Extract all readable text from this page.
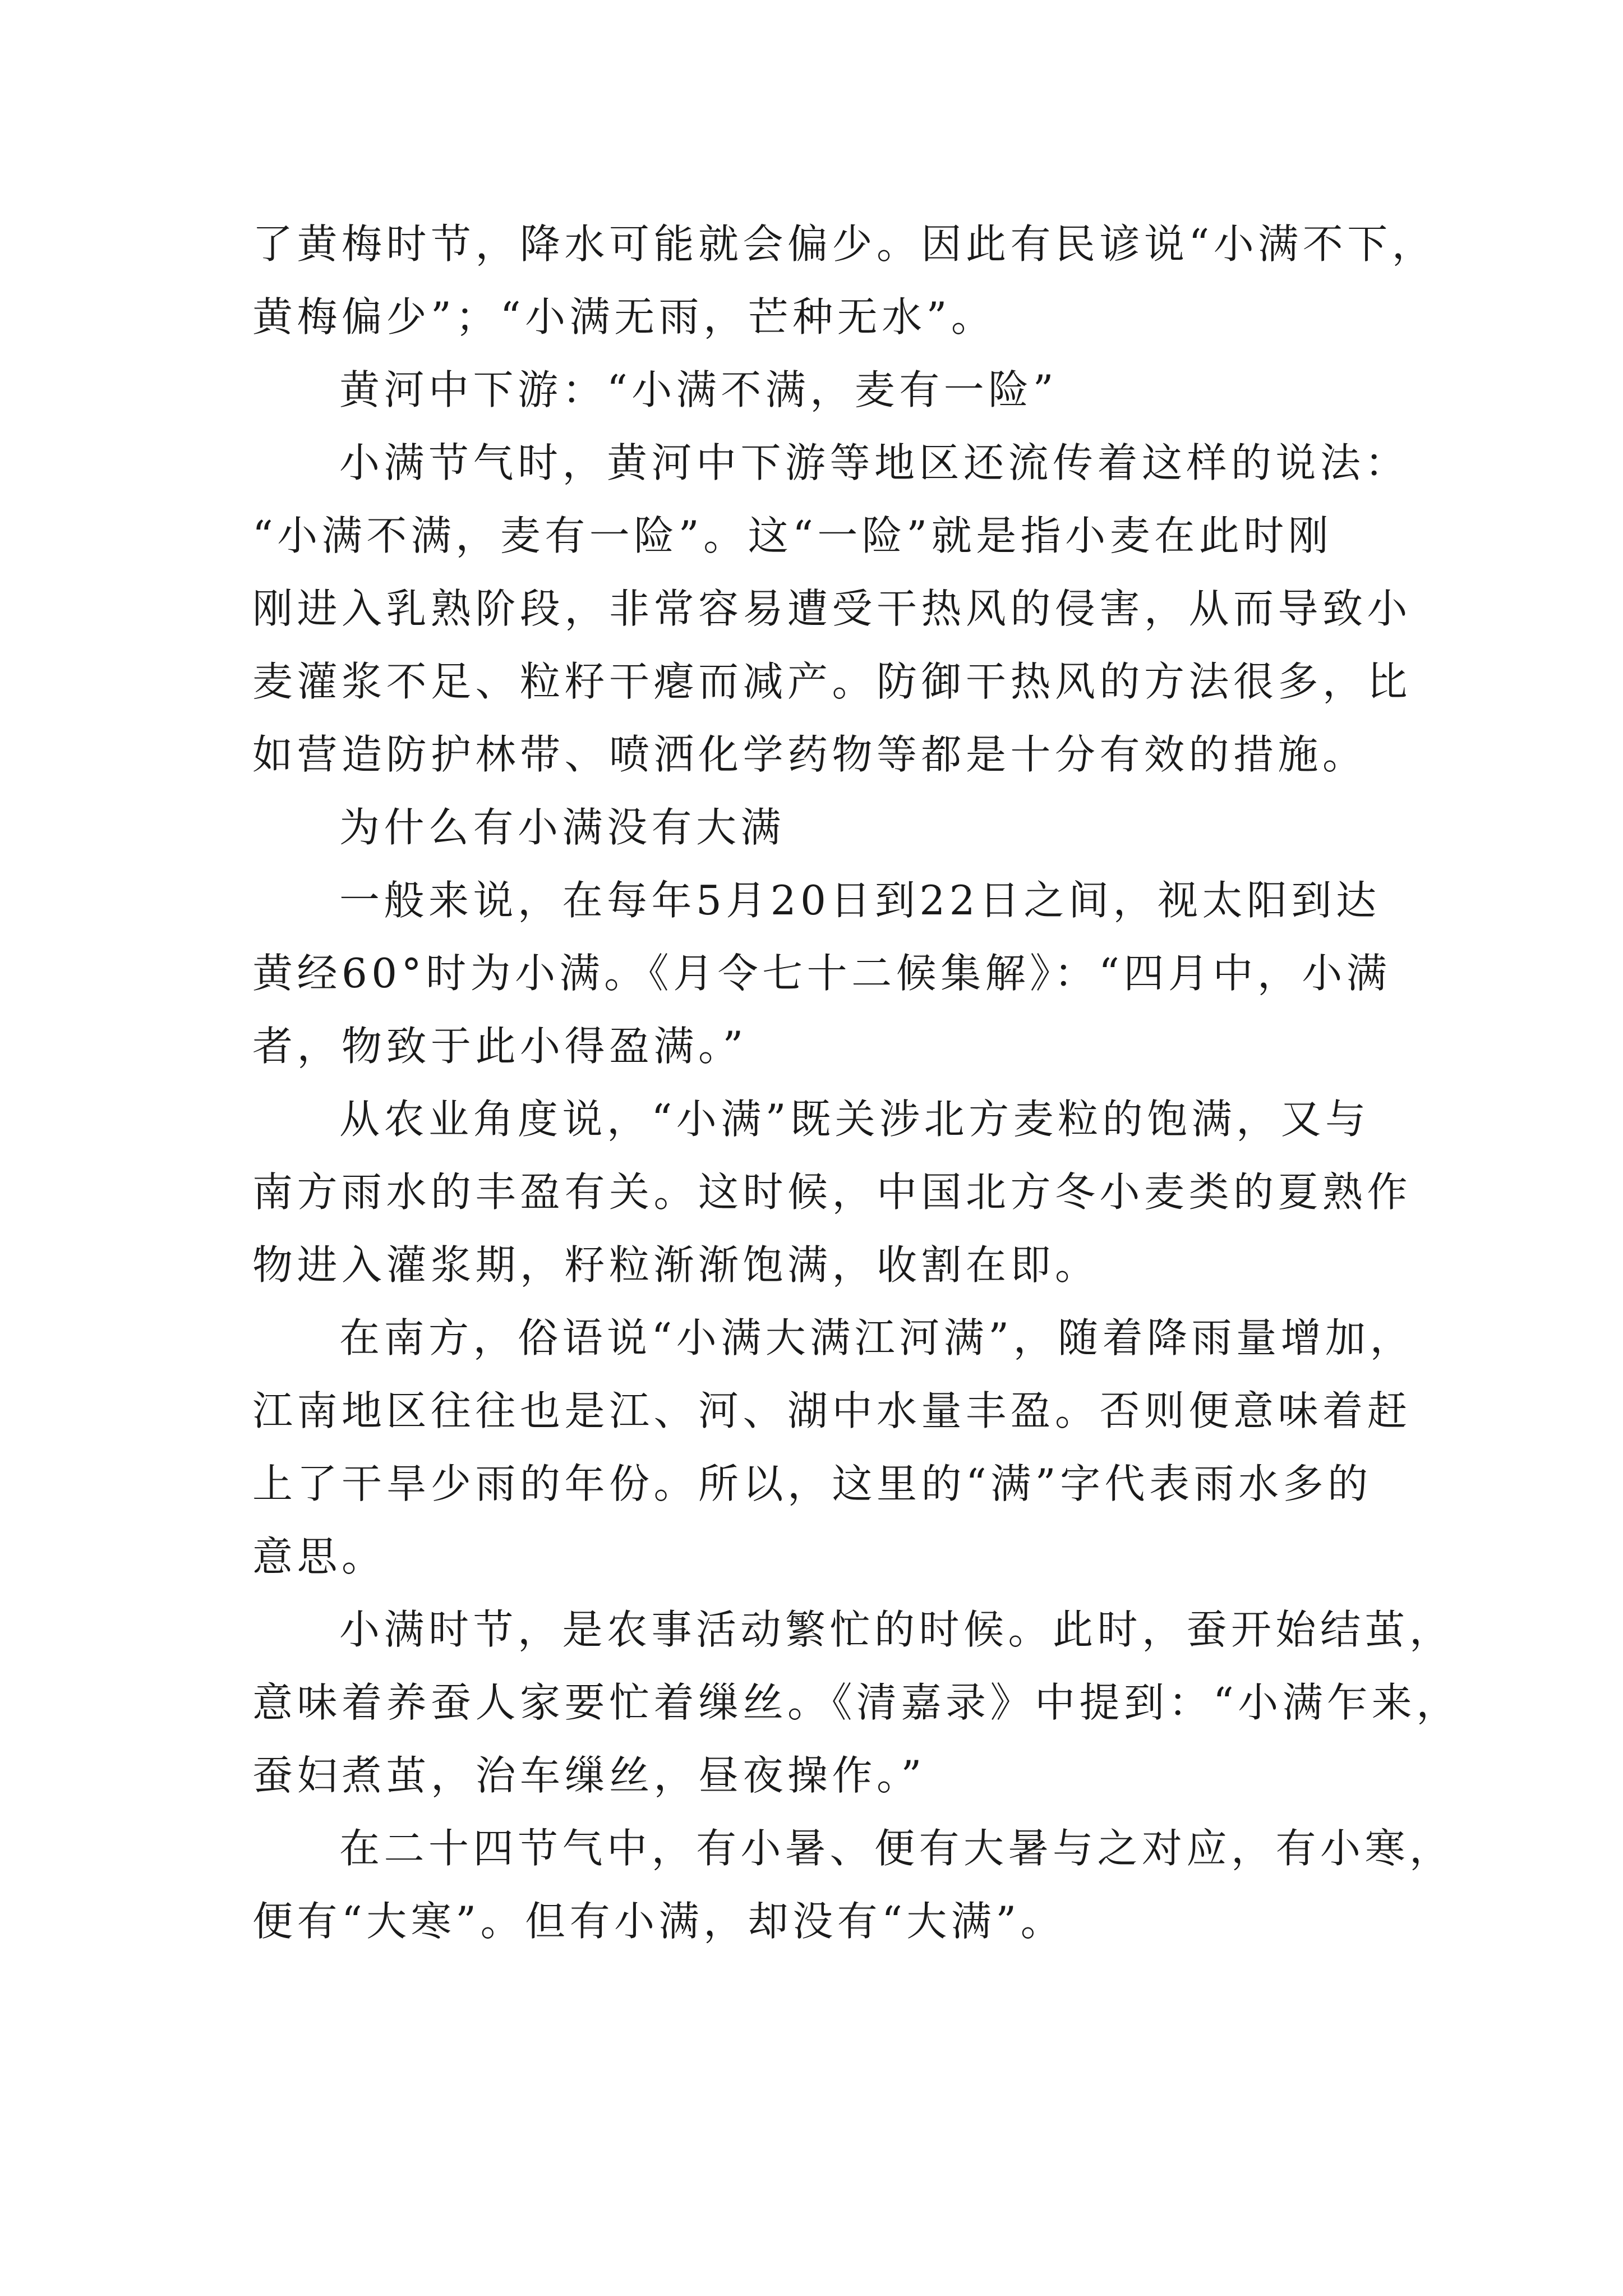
了黄梅时节，降水可能就会偏少。因此有民谚说“小满不下，
黄梅偏少”；“小满无雨，芒种无水”。
黄河中下游：“小满不满，麦有一险”
小满节气时，黄河中下游等地区还流传着这样的说法：
“小满不满，麦有一险”。这“一险”就是指小麦在此时刚
刚进入乳熟阶段，非常容易遭受干热风的侵害，从而导致小
麦灌浆不足、粒籽干瘪而减产。防御干热风的方法很多，比
如营造防护林带、喷洒化学药物等都是十分有效的措施。
为什么有小满没有大满
一般来说，在每年5月20日到22日之间，视太阳到达
黄经60°时为小满。《月令七十二候集解》：“四月中，小满
者，物致于此小得盈满。”
从农业角度说，“小满”既关涉北方麦粒的饱满，又与
南方雨水的丰盈有关。这时候，中国北方冬小麦类的夏熟作
物进入灌浆期，籽粒渐渐饱满，收割在即。
在南方，俗语说“小满大满江河满”，随着降雨量增加，
江南地区往往也是江、河、湖中水量丰盈。否则便意味着赶
上了干旱少雨的年份。所以，这里的“满”字代表雨水多的
意思。
小满时节，是农事活动繁忙的时候。此时，蚕开始结茧，
意味着养蚕人家要忙着缫丝。《清嘉录》中提到：“小满乍来，
蚕妇煮茧，治车缫丝，昼夜操作。”
在二十四节气中，有小暑、便有大暑与之对应，有小寒，
便有“大寒”。但有小满，却没有“大满”。
